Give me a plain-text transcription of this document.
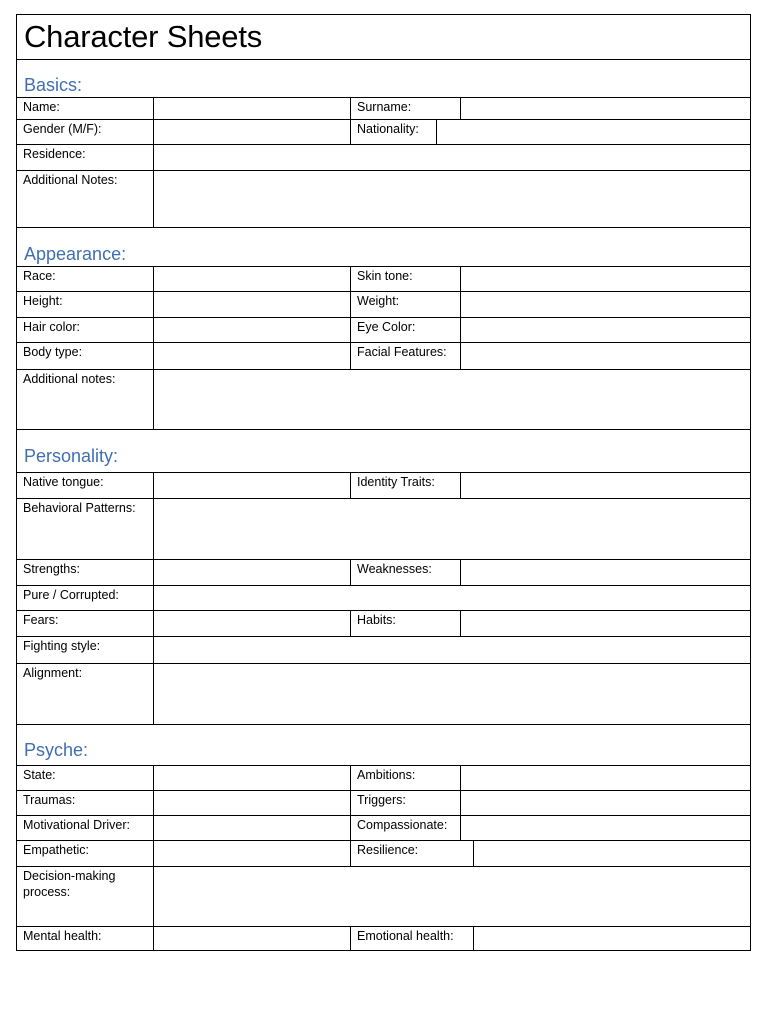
Character Sheets
Basics:
Name:	Surname:
Gender (M/F):	Nationality:
Residence:
Additional Notes:
Appearance:
Race:	Skin tone:
Height:	Weight:
Hair color:	Eye Color:
Body type:	Facial Features:
Additional notes:
Personality:
Native tongue:	Identity Traits:
Behavioral Patterns:
Strengths:	Weaknesses:
Pure / Corrupted:
Fears:	Habits:
Fighting style:
Alignment:
Psyche:
State:	Ambitions:
Traumas:	Triggers:
Motivational Driver:	Compassionate:
Empathetic:	Resilience:
Decision-making process:
Mental health:	Emotional health:
